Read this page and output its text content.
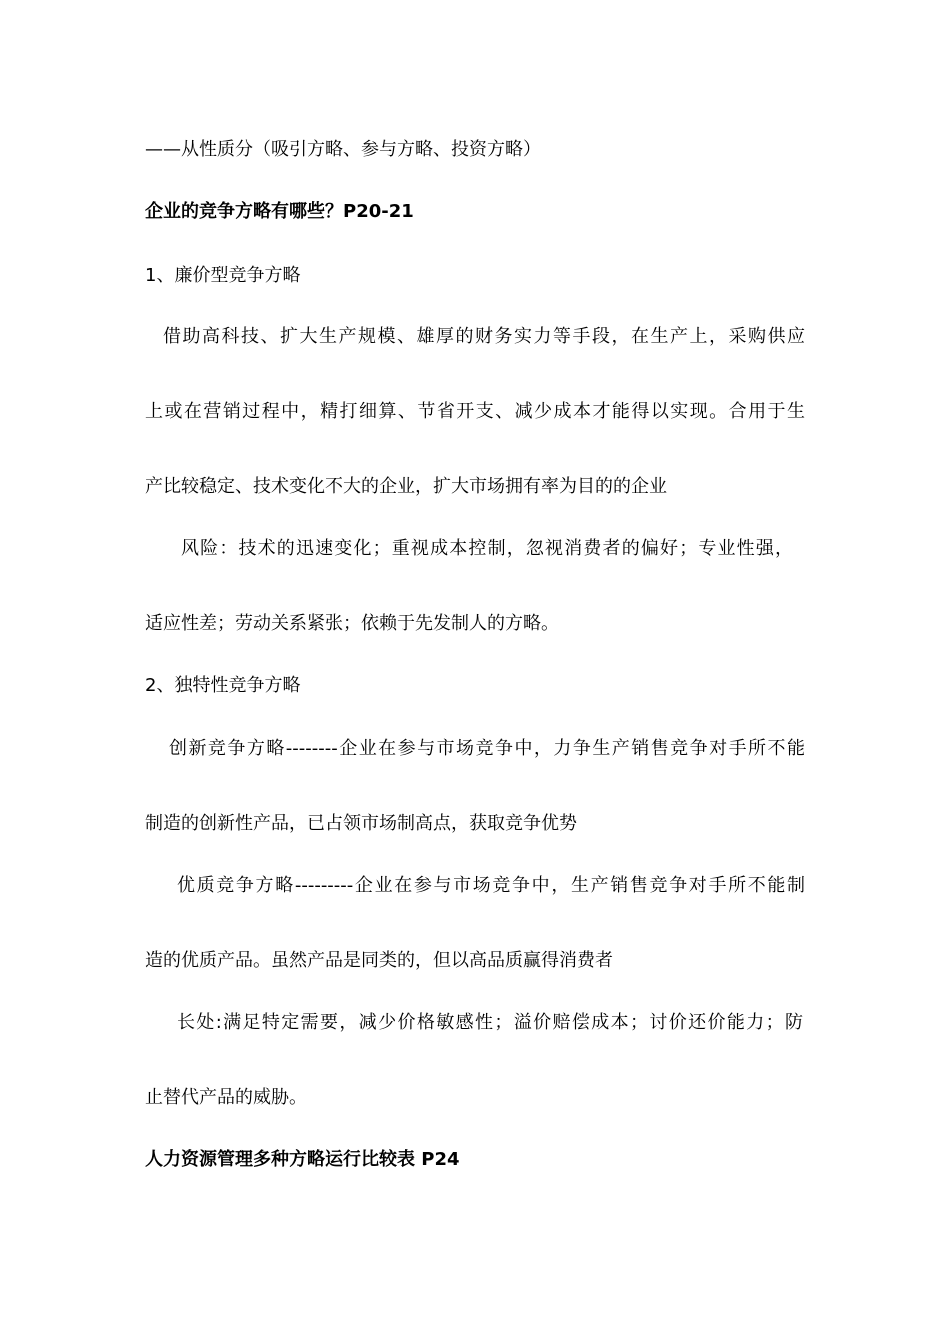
——从性质分（吸引方略、参与方略、投资方略）
企业的竞争方略有哪些？P20-21
1、廉价型竞争方略
借助高科技、扩大生产规模、雄厚的财务实力等手段，在生产上，采购供应
上或在营销过程中，精打细算、节省开支、减少成本才能得以实现。合用于生
产比较稳定、技术变化不大的企业，扩大市场拥有率为目的的企业
风险：技术的迅速变化；重视成本控制，忽视消费者的偏好；专业性强，
适应性差；劳动关系紧张；依赖于先发制人的方略。
2、独特性竞争方略
创新竞争方略--------企业在参与市场竞争中，力争生产销售竞争对手所不能
制造的创新性产品，已占领市场制高点，获取竞争优势
优质竞争方略---------企业在参与市场竞争中，生产销售竞争对手所不能制
造的优质产品。虽然产品是同类的，但以高品质赢得消费者
长处:满足特定需要，减少价格敏感性；溢价赔偿成本；讨价还价能力；防
止替代产品的威胁。
人力资源管理多种方略运行比较表 P24
